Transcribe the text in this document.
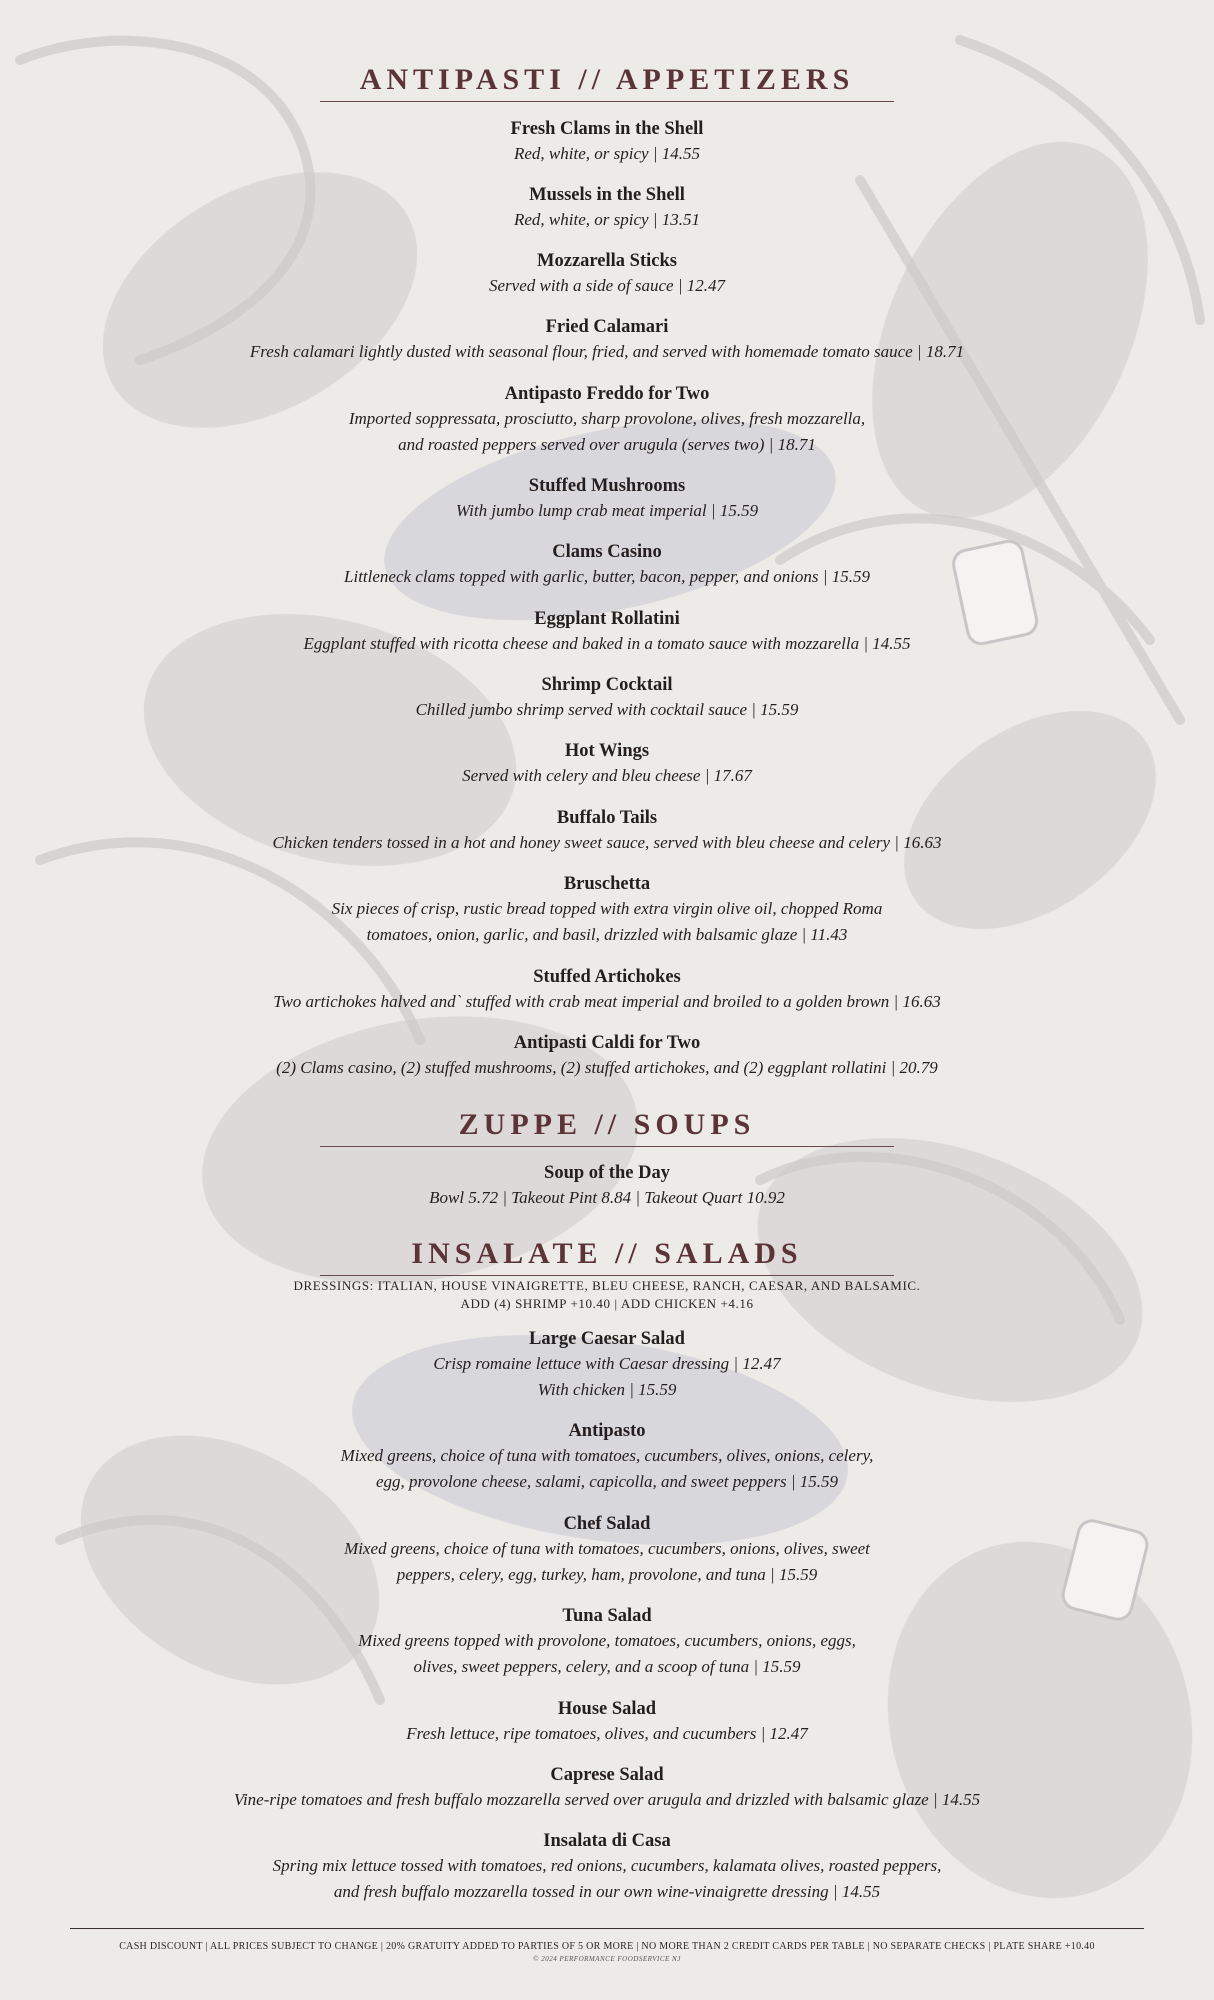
ANTIPASTI // APPETIZERS
Fresh Clams in the Shell
Red, white, or spicy | 14.55
Mussels in the Shell
Red, white, or spicy | 13.51
Mozzarella Sticks
Served with a side of sauce | 12.47
Fried Calamari
Fresh calamari lightly dusted with seasonal flour, fried, and served with homemade tomato sauce | 18.71
Antipasto Freddo for Two
Imported soppressata, prosciutto, sharp provolone, olives, fresh mozzarella,
and roasted peppers served over arugula (serves two) | 18.71
Stuffed Mushrooms
With jumbo lump crab meat imperial | 15.59
Clams Casino
Littleneck clams topped with garlic, butter, bacon, pepper, and onions | 15.59
Eggplant Rollatini
Eggplant stuffed with ricotta cheese and baked in a tomato sauce with mozzarella | 14.55
Shrimp Cocktail
Chilled jumbo shrimp served with cocktail sauce | 15.59
Hot Wings
Served with celery and bleu cheese | 17.67
Buffalo Tails
Chicken tenders tossed in a hot and honey sweet sauce, served with bleu cheese and celery | 16.63
Bruschetta
Six pieces of crisp, rustic bread topped with extra virgin olive oil, chopped Roma
tomatoes, onion, garlic, and basil, drizzled with balsamic glaze | 11.43
Stuffed Artichokes
Two artichokes halved and` stuffed with crab meat imperial and broiled to a golden brown | 16.63
Antipasti Caldi for Two
(2) Clams casino, (2) stuffed mushrooms, (2) stuffed artichokes, and (2) eggplant rollatini | 20.79
ZUPPE // SOUPS
Soup of the Day
Bowl 5.72 | Takeout Pint 8.84 | Takeout Quart 10.92
INSALATE // SALADS
DRESSINGS: ITALIAN, HOUSE VINAIGRETTE, BLEU CHEESE, RANCH, CAESAR, AND BALSAMIC.
ADD (4) SHRIMP +10.40 | ADD CHICKEN +4.16
Large Caesar Salad
Crisp romaine lettuce with Caesar dressing | 12.47
With chicken | 15.59
Antipasto
Mixed greens, choice of tuna with tomatoes, cucumbers, olives, onions, celery,
egg, provolone cheese, salami, capicolla, and sweet peppers | 15.59
Chef Salad
Mixed greens, choice of tuna with tomatoes, cucumbers, onions, olives, sweet
peppers, celery, egg, turkey, ham, provolone, and tuna | 15.59
Tuna Salad
Mixed greens topped with provolone, tomatoes, cucumbers, onions, eggs,
olives, sweet peppers, celery, and a scoop of tuna | 15.59
House Salad
Fresh lettuce, ripe tomatoes, olives, and cucumbers | 12.47
Caprese Salad
Vine-ripe tomatoes and fresh buffalo mozzarella served over arugula and drizzled with balsamic glaze | 14.55
Insalata di Casa
Spring mix lettuce tossed with tomatoes, red onions, cucumbers, kalamata olives, roasted peppers,
and fresh buffalo mozzarella tossed in our own wine-vinaigrette dressing | 14.55
CASH DISCOUNT | ALL PRICES SUBJECT TO CHANGE | 20% GRATUITY ADDED TO PARTIES OF 5 OR MORE | NO MORE THAN 2 CREDIT CARDS PER TABLE | NO SEPARATE CHECKS | PLATE SHARE +10.40
© 2024 PERFORMANCE FOODSERVICE NJ
